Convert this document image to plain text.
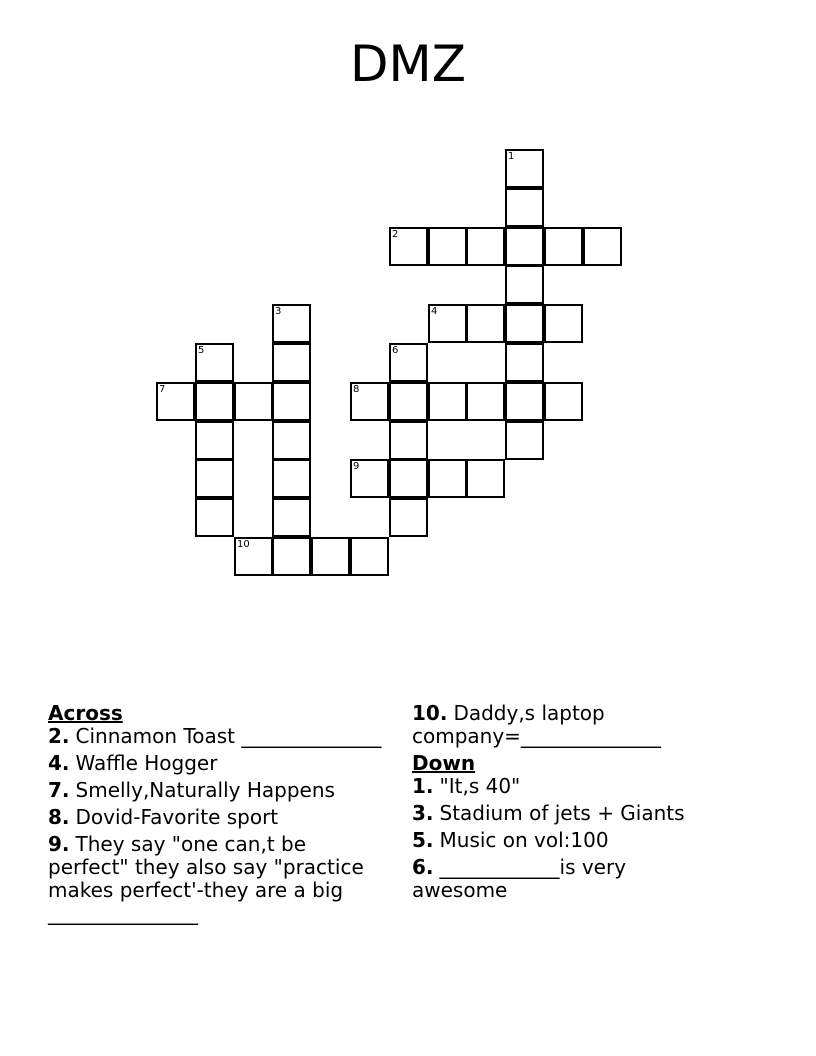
DMZ
1
2
3	4
5	6
7	8
9
10
Across
2. Cinnamon Toast ______________
4. Waffle Hogger
7. Smelly,Naturally Happens
8. Dovid-Favorite sport
9. They say "one can,t be perfect" they also say "practice makes perfect'-they are a big _______________
10. Daddy,s laptop company=______________
Down
1. "It,s 40"
3. Stadium of jets + Giants
5. Music on vol:100
6. ____________is very awesome
